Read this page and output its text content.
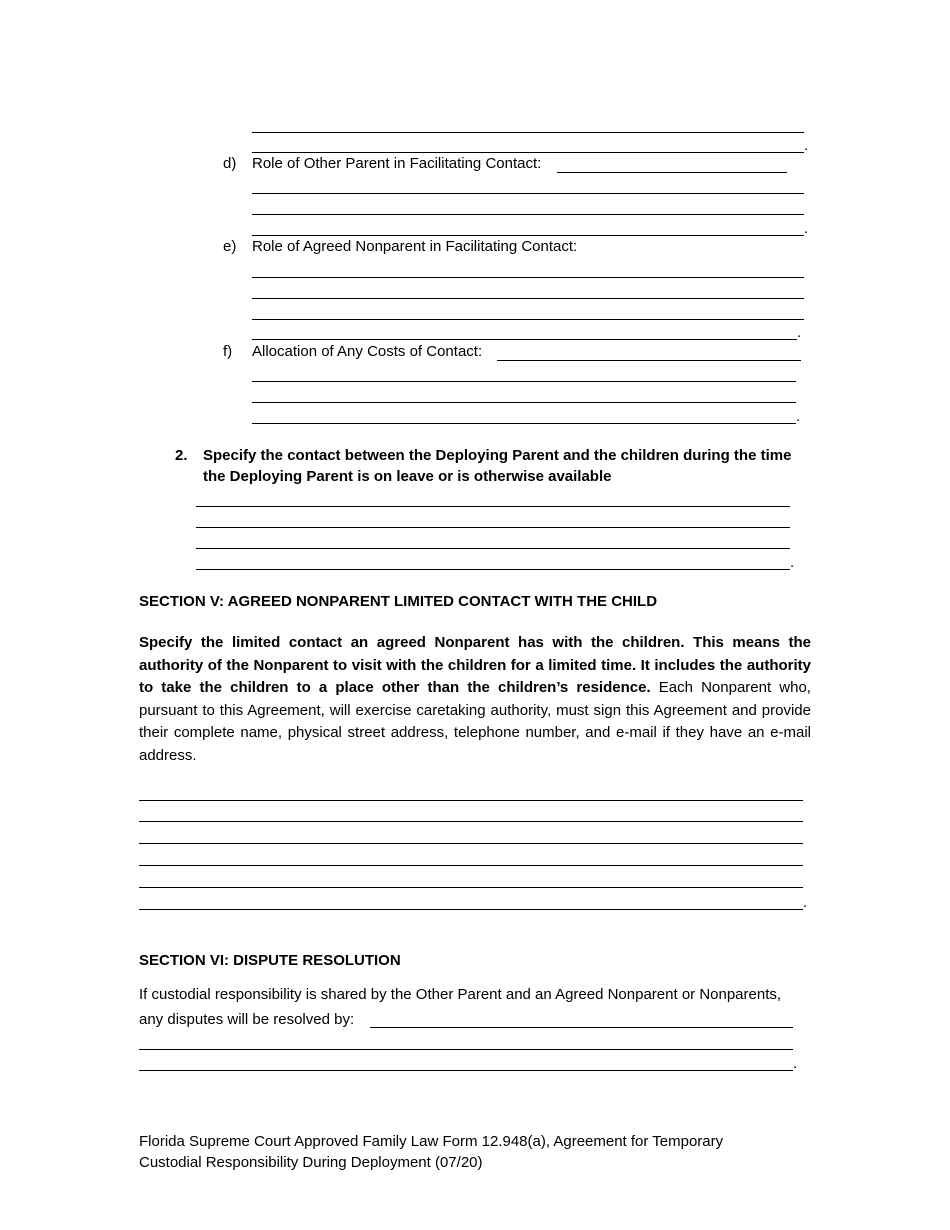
.
d) Role of Other Parent in Facilitating Contact:
.
e) Role of Agreed Nonparent in Facilitating Contact:
.
f) Allocation of Any Costs of Contact:
.
2. Specify the contact between the Deploying Parent and the children during the time
the Deploying Parent is on leave or is otherwise available
.
SECTION V: AGREED NONPARENT LIMITED CONTACT WITH THE CHILD

Specify the limited contact an agreed Nonparent has with the children. This means the authority of the Nonparent to visit with the children for a limited time. It includes the authority to take the children to a place other than the children’s residence. Each Nonparent who, pursuant to this Agreement, will exercise caretaking authority, must sign this Agreement and provide their complete name, physical street address, telephone number, and e-mail if they have an e-mail address.

.
SECTION VI: DISPUTE RESOLUTION
If custodial responsibility is shared by the Other Parent and an Agreed Nonparent or Nonparents,
any disputes will be resolved by:
.
Florida Supreme Court Approved Family Law Form 12.948(a), Agreement for Temporary
Custodial Responsibility During Deployment (07/20)
